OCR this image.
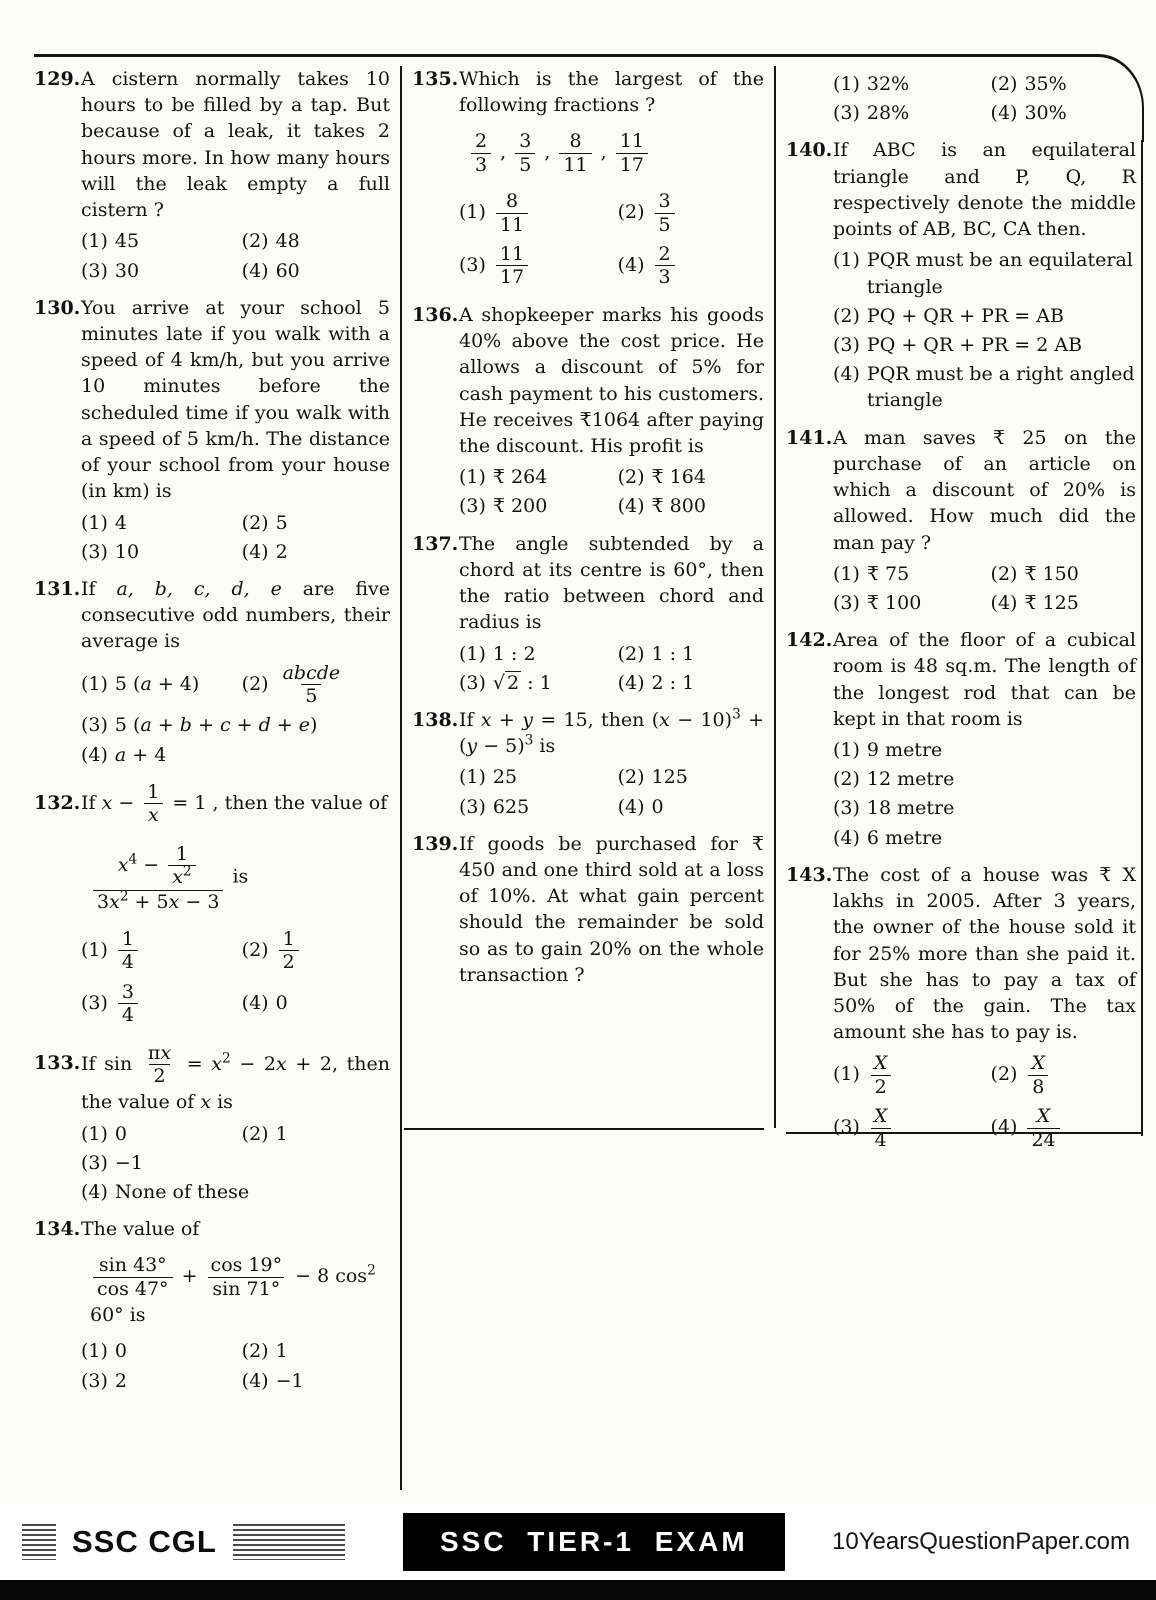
129.A cistern normally takes 10 hours to be filled by a tap. But because of a leak, it takes 2 hours more. In how many hours will the leak empty a full cistern ?
(1) 45	(2) 48
(3) 30	(4) 60
130.You arrive at your school 5 minutes late if you walk with a speed of 4 km/h, but you arrive 10 minutes before the scheduled time if you walk with a speed of 5 km/h. The distance of your school from your house (in km) is
(1) 4	(2) 5
(3) 10	(4) 2
131.If a, b, c, d, e are five consecutive odd numbers, their average is
(1) 5 (a + 4) $(2) \frac{\text{abcde}}{5}$
(3) 5 (a + b + c + d + e)
(4) a + 4
132.If $x - \frac{1}{x} = 1$ , then the value of
$\frac{x^4 - \frac{1}{x^2}}{3x^2 + 5x - 3}$ is
$(1) \frac{1}{4}$	$(2) \frac{1}{2}$
$(3) \frac{3}{4}$	(4) 0
133.If $\sin \frac{\pi x}{2} = x^2 - 2x + 2$, then the value of x is
(1) 0	(2) 1
(3) −1
(4) None of these
134.The value of
$\frac{\sin 43^\circ}{\cos 47^\circ} + \frac{\cos 19^\circ}{\sin 71^\circ} - 8$ $\cos^2 60^\circ$ is
(1) 0	(2) 1
(3) 2	(4) −1
135.Which is the largest of the following fractions ?
$\frac{2}{3}$ , $\frac{3}{5}$ , $\frac{8}{11}$ , $\frac{11}{17}$
$(1) \frac{8}{11}$	$(2) \frac{3}{5}$
$(3) \frac{11}{17}$	$(4) \frac{2}{3}$
136.A shopkeeper marks his goods 40% above the cost price. He allows a discount of 5% for cash payment to his customers. He receives ₹1064 after paying the discount. His profit is
(1) ₹ 264	(2) ₹ 164
(3) ₹ 200	(4) ₹ 800
137.The angle subtended by a chord at its centre is 60°, then the ratio between chord and radius is
(1) 1 : 2	(2) 1 : 1
(3) √ 2 : 1	(4) 2 : 1
138.If x + y = 15, then $(x - 10)^3 + (y - 5)^3$ is
(1) 25	(2) 125
(3) 625	(4) 0
139.If goods be purchased for ₹ 450 and one third sold at a loss of 10%. At what gain percent should the remainder be sold so as to gain 20% on the whole transaction ?
(1) 32%	(2) 35%
(3) 28%	(4) 30%
140.If ABC is an equilateral triangle and P, Q, R respectively denote the middle points of AB, BC, CA then.
(1) PQR must be an equilateral triangle
(2) PQ + QR + PR = AB
(3) PQ + QR + PR = 2 AB
(4) PQR must be a right angled triangle
141.A man saves ₹ 25 on the purchase of an article on which a discount of 20% is allowed. How much did the man pay ?
(1) ₹ 75	(2) ₹ 150
(3) ₹ 100	(4) ₹ 125
142.Area of the floor of a cubical room is 48 sq.m. The length of the longest rod that can be kept in that room is
(1) 9 metre
(2) 12 metre
(3) 18 metre
(4) 6 metre
143.The cost of a house was ₹ X lakhs in 2005. After 3 years, the owner of the house sold it for 25% more than she paid it. But she has to pay a tax of 50% of the gain. The tax amount she has to pay is.
$(1) \frac{X}{2}$	$(2) \frac{X}{8}$
$(3) \frac{X}{4}$	$(4) \frac{X}{24}$
SSC CGL	SSC TIER-1 EXAM	10YearsQuestionPaper.com
